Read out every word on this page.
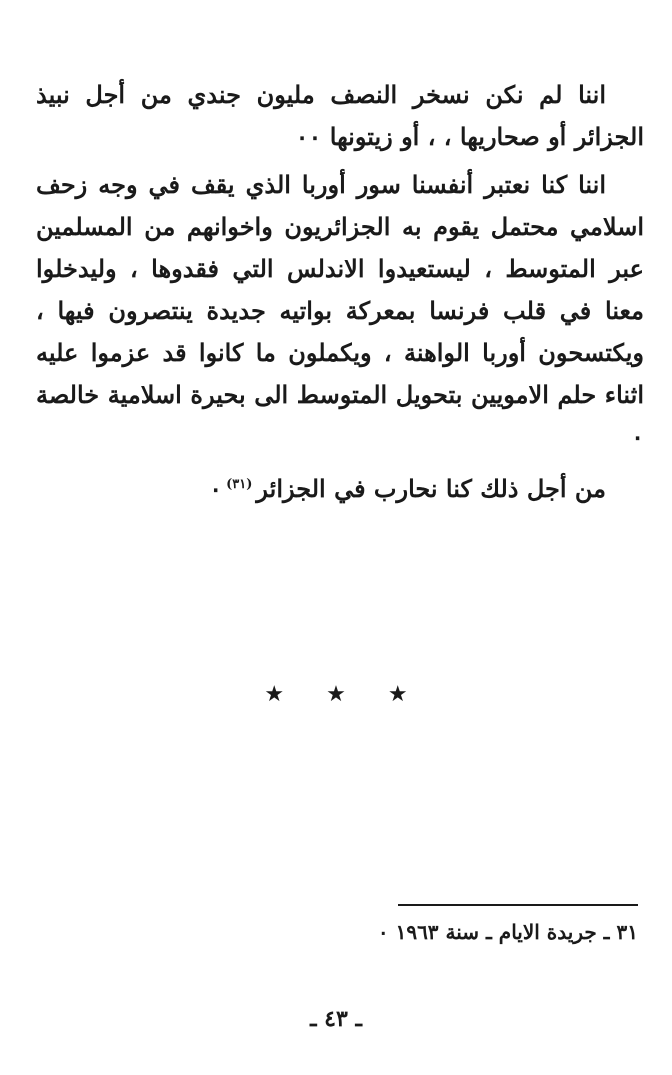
اننا لم نكن نسخر النصف مليون جندي من أجل نبيذ الجزائر أو صحاريها ، ، أو زيتونها ٠٠

اننا كنا نعتبر أنفسنا سور أوربا الذي يقف في وجه زحف اسلامي محتمل يقوم به الجزائريون واخوانهم من المسلمين عبر المتوسط ، ليستعيدوا الاندلس التي فقدوها ، وليدخلوا معنا في قلب فرنسا بمعركة بواتيه جديدة ينتصرون فيها ، ويكتسحون أوربا الواهنة ، ويكملون ما كانوا قد عزموا عليه اثناء حلم الامويين بتحويل المتوسط الى بحيرة اسلامية خالصة ٠

من أجل ذلك كنا نحارب في الجزائر$^{(٣١)}$٠

★ ★ ★
٣١ ـ جريدة الايام ـ سنة ١٩٦٣ ٠
ـ ٤٣ ـ
